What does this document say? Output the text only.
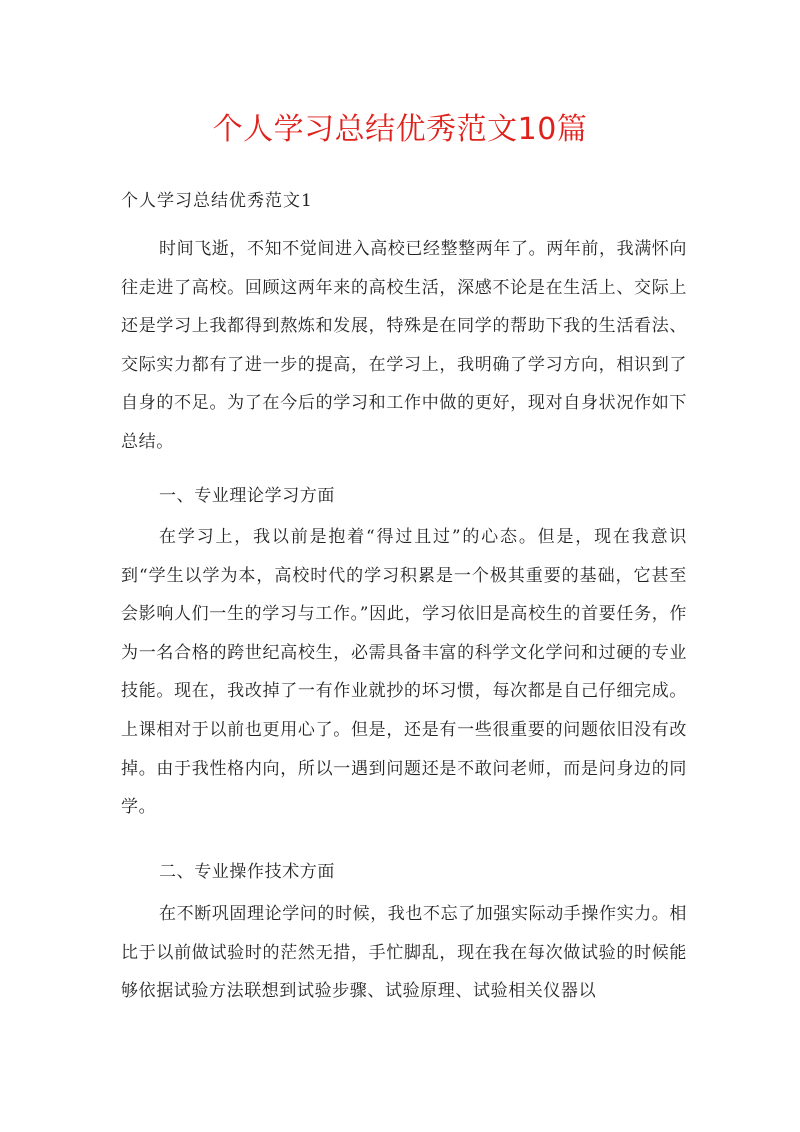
个人学习总结优秀范文10篇
个人学习总结优秀范文1
时间飞逝，不知不觉间进入高校已经整整两年了。两年前，我满怀向往走进了高校。回顾这两年来的高校生活，深感不论是在生活上、交际上还是学习上我都得到熬炼和发展，特殊是在同学的帮助下我的生活看法、交际实力都有了进一步的提高，在学习上，我明确了学习方向，相识到了自身的不足。为了在今后的学习和工作中做的更好，现对自身状况作如下总结。
一、专业理论学习方面
在学习上，我以前是抱着“得过且过”的心态。但是，现在我意识到“学生以学为本，高校时代的学习积累是一个极其重要的基础，它甚至会影响人们一生的学习与工作。”因此，学习依旧是高校生的首要任务，作为一名合格的跨世纪高校生，必需具备丰富的科学文化学问和过硬的专业技能。现在，我改掉了一有作业就抄的坏习惯，每次都是自己仔细完成。上课相对于以前也更用心了。但是，还是有一些很重要的问题依旧没有改掉。由于我性格内向，所以一遇到问题还是不敢问老师，而是问身边的同学。
二、专业操作技术方面
在不断巩固理论学问的时候，我也不忘了加强实际动手操作实力。相比于以前做试验时的茫然无措，手忙脚乱，现在我在每次做试验的时候能够依据试验方法联想到试验步骤、试验原理、试验相关仪器以
